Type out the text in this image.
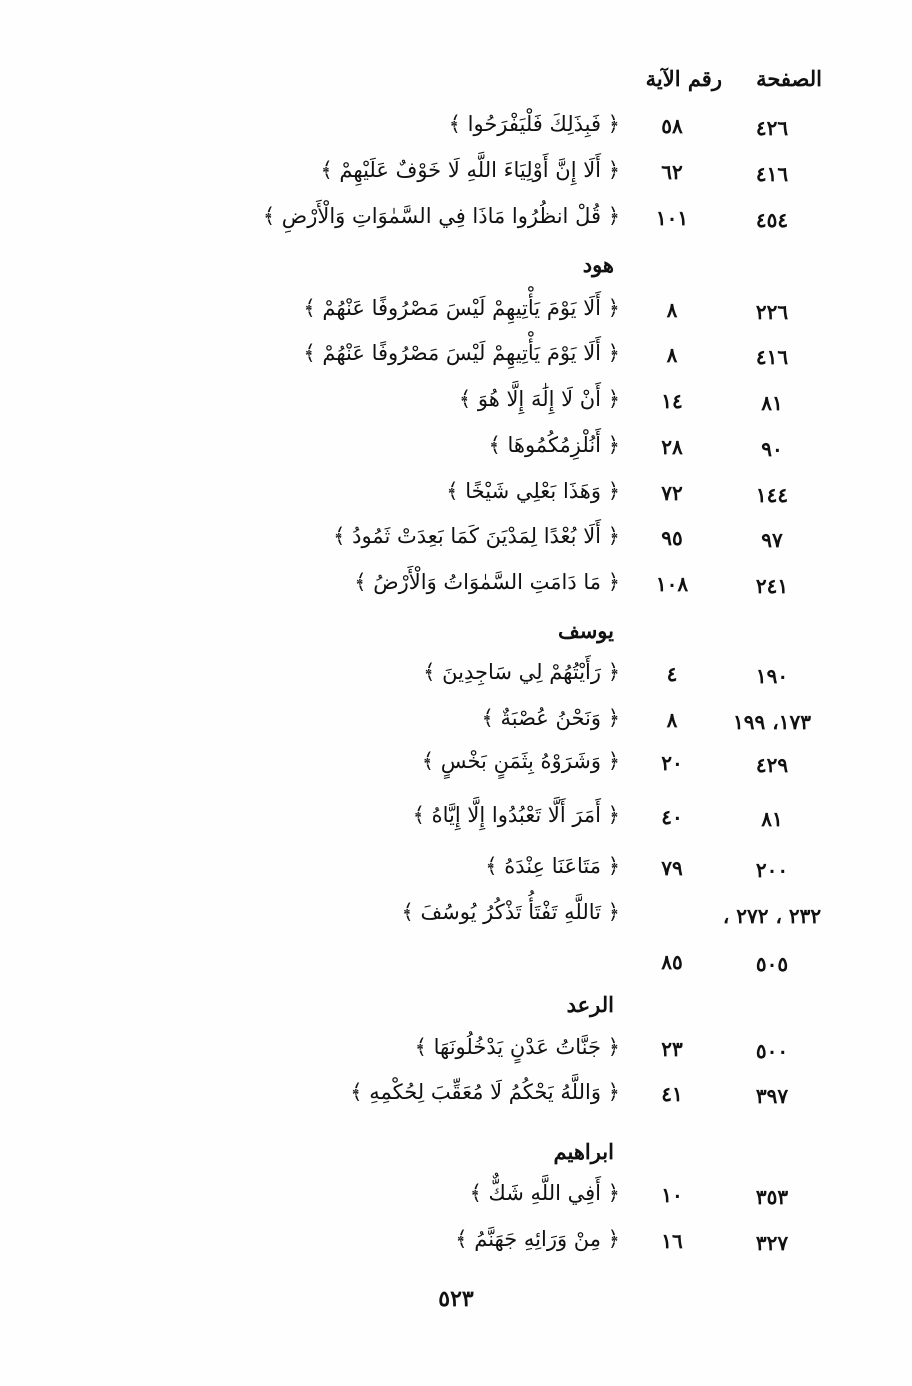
الصفحة
رقم الآية
٤٢٦
٥٨
﴿ فَبِذَلِكَ فَلْيَفْرَحُوا ﴾
٤١٦
٦٢
﴿ أَلَا إِنَّ أَوْلِيَاءَ اللَّهِ لَا خَوْفٌ عَلَيْهِمْ ﴾
٤٥٤
١٠١
﴿ قُلْ انظُرُوا مَاذَا فِي السَّمٰوَاتِ وَالْأَرْضِ ﴾
هود
٢٢٦
٨
﴿ أَلَا يَوْمَ يَأْتِيهِمْ لَيْسَ مَصْرُوفًا عَنْهُمْ ﴾
٤١٦
٨
﴿ أَلَا يَوْمَ يَأْتِيهِمْ لَيْسَ مَصْرُوفًا عَنْهُمْ ﴾
٨١
١٤
﴿ أَنْ لَا إِلَٰهَ إِلَّا هُوَ ﴾
٩٠
٢٨
﴿ أَنُلْزِمُكُمُوهَا ﴾
١٤٤
٧٢
﴿ وَهَذَا بَعْلِي شَيْخًا ﴾
٩٧
٩٥
﴿ أَلَا بُعْدًا لِمَدْيَنَ كَمَا بَعِدَتْ ثَمُودُ ﴾
٢٤١
١٠٨
﴿ مَا دَامَتِ السَّمٰوَاتُ وَالْأَرْضُ ﴾
يوسف
١٩٠
٤
﴿ رَأَيْتُهُمْ لِي سَاجِدِينَ ﴾
١٧٣، ١٩٩
٨
﴿ وَنَحْنُ عُصْبَةٌ ﴾
٤٢٩
٢٠
﴿ وَشَرَوْهُ بِثَمَنٍ بَخْسٍ ﴾
٨١
٤٠
﴿ أَمَرَ أَلَّا تَعْبُدُوا إِلَّا إِيَّاهُ ﴾
٢٠٠
٧٩
﴿ مَتَاعَنَا عِنْدَهُ ﴾
٢٣٢ ، ٢٧٢ ،
﴿ تَاللَّهِ تَفْتَأُ تَذْكُرُ يُوسُفَ ﴾
٥٠٥
٨٥
الرعد
٥٠٠
٢٣
﴿ جَنَّاتُ عَدْنٍ يَدْخُلُونَهَا ﴾
٣٩٧
٤١
﴿ وَاللَّهُ يَحْكُمُ لَا مُعَقِّبَ لِحُكْمِهِ ﴾
ابراهيم
٣٥٣
١٠
﴿ أَفِي اللَّهِ شَكٌّ ﴾
٣٢٧
١٦
﴿ مِنْ وَرَائِهِ جَهَنَّمُ ﴾
٥٢٣
